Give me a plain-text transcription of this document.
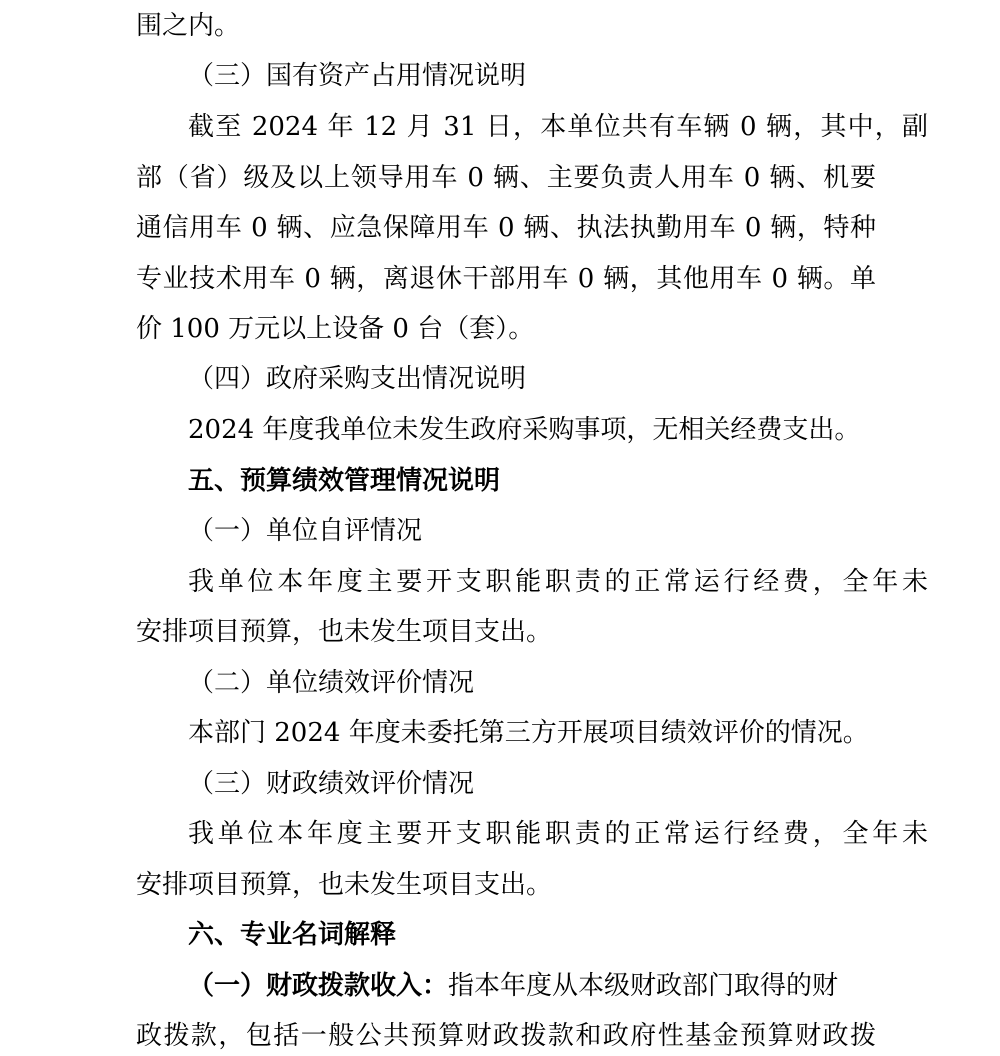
围之内。
（三）国有资产占用情况说明
截至 2024 年 12 月 31 日，本单位共有车辆 0 辆，其中，副
部（省）级及以上领导用车 0 辆、主要负责人用车 0 辆、机要
通信用车 0 辆、应急保障用车 0 辆、执法执勤用车 0 辆，特种
专业技术用车 0 辆，离退休干部用车 0 辆，其他用车 0 辆。单
价 100 万元以上设备 0 台（套）。
（四）政府采购支出情况说明
2024 年度我单位未发生政府采购事项，无相关经费支出。
五、预算绩效管理情况说明
（一）单位自评情况
我单位本年度主要开支职能职责的正常运行经费，全年未
安排项目预算，也未发生项目支出。
（二）单位绩效评价情况
本部门 2024 年度未委托第三方开展项目绩效评价的情况。
（三）财政绩效评价情况
我单位本年度主要开支职能职责的正常运行经费，全年未
安排项目预算，也未发生项目支出。
六、专业名词解释
（一）财政拨款收入：指本年度从本级财政部门取得的财
政拨款，包括一般公共预算财政拨款和政府性基金预算财政拨
